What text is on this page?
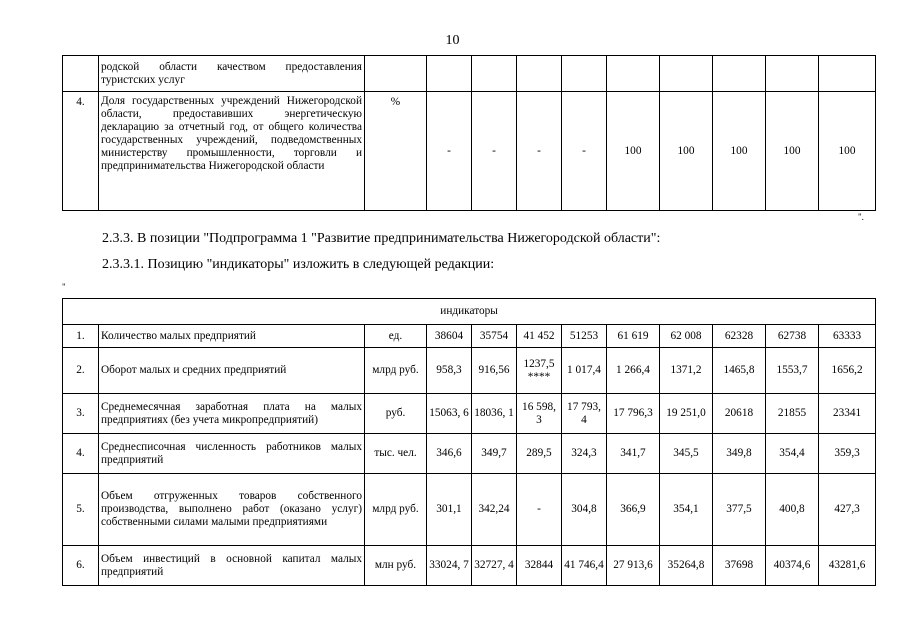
10
	родской области качеством предоставления туристских услуг										
4.	Доля государственных учреждений Нижегородской области, предоставивших энергетическую декларацию за отчетный год, от общего количества государственных учреждений, подведомственных министерству промышленности, торговли и предпринимательства Нижегородской области	%	-	-	-	-	100	100	100	100	100
".
2.3.3. В позиции "Подпрограмма 1 "Развитие предпринимательства Нижегородской области":
2.3.3.1. Позицию "индикаторы" изложить в следующей редакции:
"
индикаторы											
1.	Количество малых предприятий	ед.	38604	35754	41 452	51253	61 619	62 008	62328	62738	63333
2.	Оборот малых и средних предприятий	млрд руб.	958,3	916,56	1237,5 ****	1 017,4	1 266,4	1371,2	1465,8	1553,7	1656,2
3.	Среднемесячная заработная плата на малых предприятиях (без учета микропредприятий)	руб.	15063, 6	18036, 1	16 598, 3	17 793, 4	17 796,3	19 251,0	20618	21855	23341
4.	Среднесписочная численность работников малых предприятий	тыс. чел.	346,6	349,7	289,5	324,3	341,7	345,5	349,8	354,4	359,3
5.	Объем отгруженных товаров собственного производства, выполнено работ (оказано услуг) собственными силами малыми предприятиями	млрд руб.	301,1	342,24	-	304,8	366,9	354,1	377,5	400,8	427,3
6.	Объем инвестиций в основной капитал малых предприятий	млн руб.	33024, 7	32727, 4	32844	41 746,4	27 913,6	35264,8	37698	40374,6	43281,6
